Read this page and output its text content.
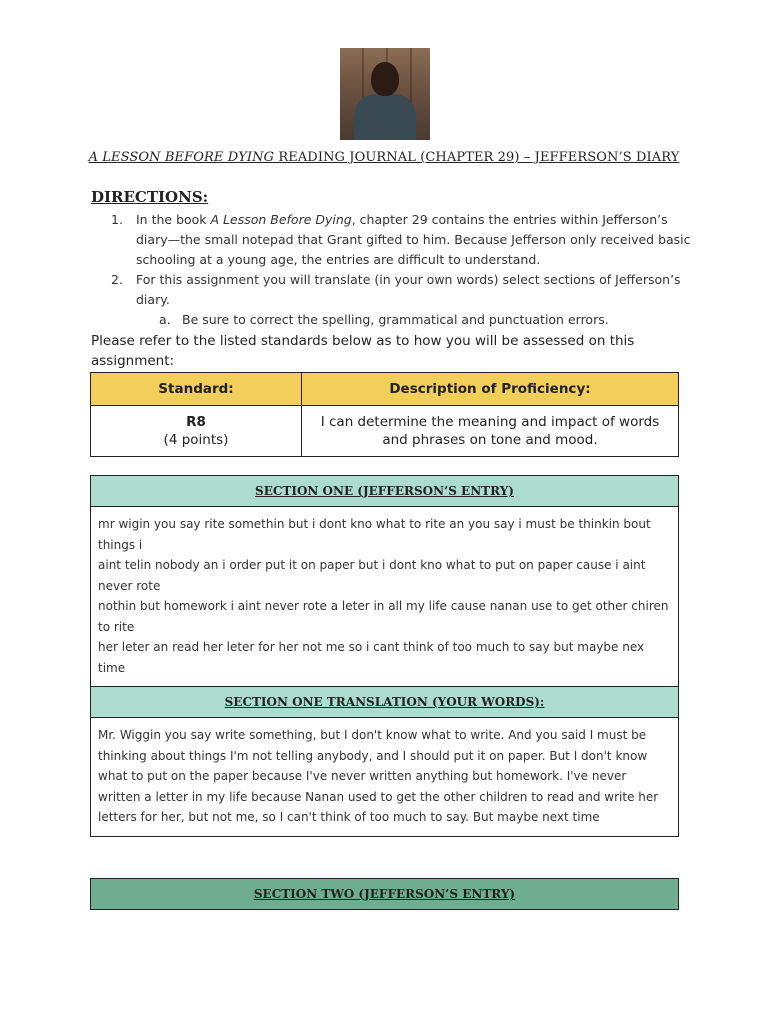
A LESSON BEFORE DYING READING JOURNAL (CHAPTER 29) – JEFFERSON’S DIARY
DIRECTIONS:
1. In the book A Lesson Before Dying, chapter 29 contains the entries within Jefferson’s diary—the small notepad that Grant gifted to him. Because Jefferson only received basic schooling at a young age, the entries are difficult to understand.
2. For this assignment you will translate (in your own words) select sections of Jefferson’s diary.
a. Be sure to correct the spelling, grammatical and punctuation errors.
Please refer to the listed standards below as to how you will be assessed on this assignment:
Standard:	Description of Proficiency:

R8
(4 points)	I can determine the meaning and impact of words and phrases on tone and mood.
SECTION ONE (JEFFERSON’S ENTRY)
mr wigin you say rite somethin but i dont kno what to rite an you say i must be thinkin bout things i
aint telin nobody an i order put it on paper but i dont kno what to put on paper cause i aint never rote
nothin but homework i aint never rote a leter in all my life cause nanan use to get other chiren to rite
her leter an read her leter for her not me so i cant think of too much to say but maybe nex time
SECTION ONE TRANSLATION (YOUR WORDS):
Mr. Wiggin you say write something, but I don't know what to write. And you said I must be thinking about things I'm not telling anybody, and I should put it on paper. But I don't know what to put on the paper because I've never written anything but homework. I've never written a letter in my life because Nanan used to get the other children to read and write her letters for her, but not me, so I can't think of too much to say. But maybe next time
SECTION TWO (JEFFERSON’S ENTRY)
